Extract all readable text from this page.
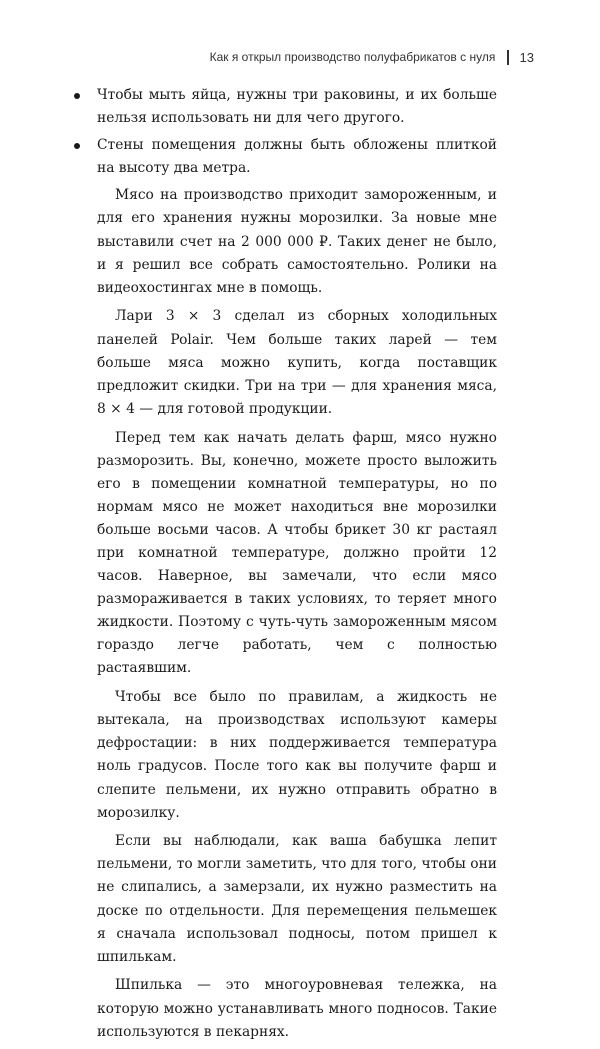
Как я открыл производство полуфабрикатов с нуля 13
Чтобы мыть яйца, нужны три раковины, и их больше нельзя использовать ни для чего другого.
Стены помещения должны быть обложены плиткой на высоту два метра.

Мясо на производство приходит замороженным, и для его хранения нужны морозилки. За новые мне выставили счет на 2 000 000 ₽. Таких денег не было, и я решил все собрать самостоятельно. Ролики на видеохостингах мне в помощь.

Лари 3 × 3 сделал из сборных холодильных панелей Polair. Чем больше таких ларей — тем больше мяса можно купить, когда поставщик предложит скидки. Три на три — для хранения мяса, 8 × 4 — для готовой продукции.

Перед тем как начать делать фарш, мясо нужно разморозить. Вы, конечно, можете просто выложить его в помещении комнатной температуры, но по нормам мясо не может находиться вне морозилки больше восьми часов. А чтобы брикет 30 кг растаял при комнатной температуре, должно пройти 12 часов. Наверное, вы замечали, что если мясо размораживается в таких условиях, то теряет много жидкости. Поэтому с чуть-чуть замороженным мясом гораздо легче работать, чем с полностью растаявшим.

Чтобы все было по правилам, а жидкость не вытекала, на производствах используют камеры дефростации: в них поддерживается температура ноль градусов. После того как вы получите фарш и слепите пельмени, их нужно отправить обратно в морозилку.

Если вы наблюдали, как ваша бабушка лепит пельмени, то могли заметить, что для того, чтобы они не слипались, а замерзали, их нужно разместить на доске по отдельности. Для перемещения пельмешек я сначала использовал подносы, потом пришел к шпилькам.

Шпилька — это многоуровневая тележка, на которую можно устанавливать много подносов. Такие используются в пекарнях.
